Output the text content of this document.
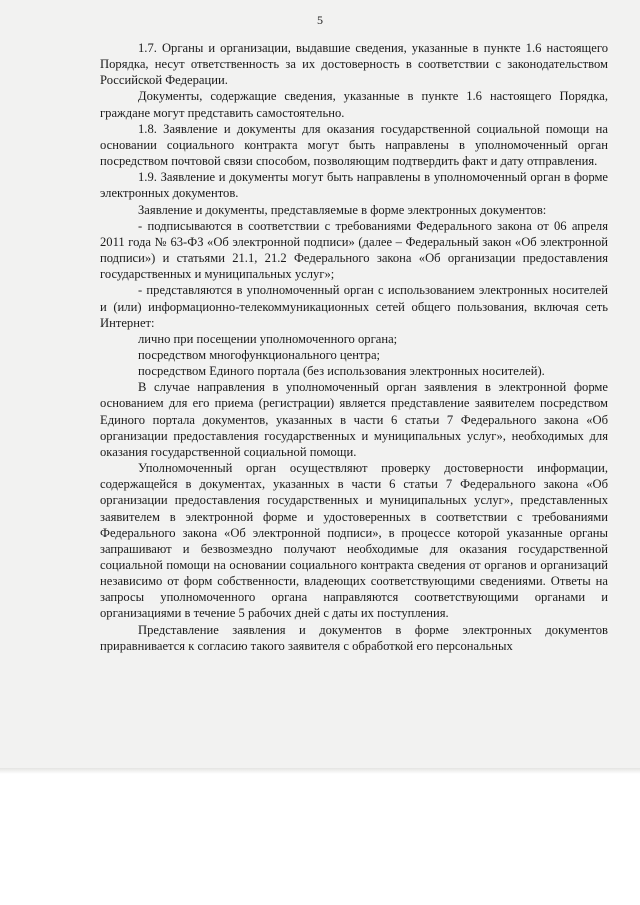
5

1.7. Органы и организации, выдавшие сведения, указанные в пункте 1.6 настоящего Порядка, несут ответственность за их достоверность в соответствии с законодательством Российской Федерации.

Документы, содержащие сведения, указанные в пункте 1.6 настоящего Порядка, граждане могут представить самостоятельно.

1.8. Заявление и документы для оказания государственной социальной помощи на основании социального контракта могут быть направлены в уполномоченный орган посредством почтовой связи способом, позволяющим подтвердить факт и дату отправления.

1.9. Заявление и документы могут быть направлены в уполномоченный орган в форме электронных документов.

Заявление и документы, представляемые в форме электронных документов:

- подписываются в соответствии с требованиями Федерального закона от 06 апреля 2011 года № 63-ФЗ «Об электронной подписи» (далее – Федеральный закон «Об электронной подписи») и статьями 21.1, 21.2 Федерального закона «Об организации предоставления государственных и муниципальных услуг»;

- представляются в уполномоченный орган с использованием электронных носителей и (или) информационно-телекоммуникационных сетей общего пользования, включая сеть Интернет:

лично при посещении уполномоченного органа;

посредством многофункционального центра;

посредством Единого портала (без использования электронных носителей).

В случае направления в уполномоченный орган заявления в электронной форме основанием для его приема (регистрации) является представление заявителем посредством Единого портала документов, указанных в части 6 статьи 7 Федерального закона «Об организации предоставления государственных и муниципальных услуг», необходимых для оказания государственной социальной помощи.

Уполномоченный орган осуществляют проверку достоверности информации, содержащейся в документах, указанных в части 6 статьи 7 Федерального закона «Об организации предоставления государственных и муниципальных услуг», представленных заявителем в электронной форме и удостоверенных в соответствии с требованиями Федерального закона «Об электронной подписи», в процессе которой указанные органы запрашивают и безвозмездно получают необходимые для оказания государственной социальной помощи на основании социального контракта сведения от органов и организаций независимо от форм собственности, владеющих соответствующими сведениями. Ответы на запросы уполномоченного органа направляются соответствующими органами и организациями в течение 5 рабочих дней с даты их поступления.

Представление заявления и документов в форме электронных документов приравнивается к согласию такого заявителя с обработкой его персональных
